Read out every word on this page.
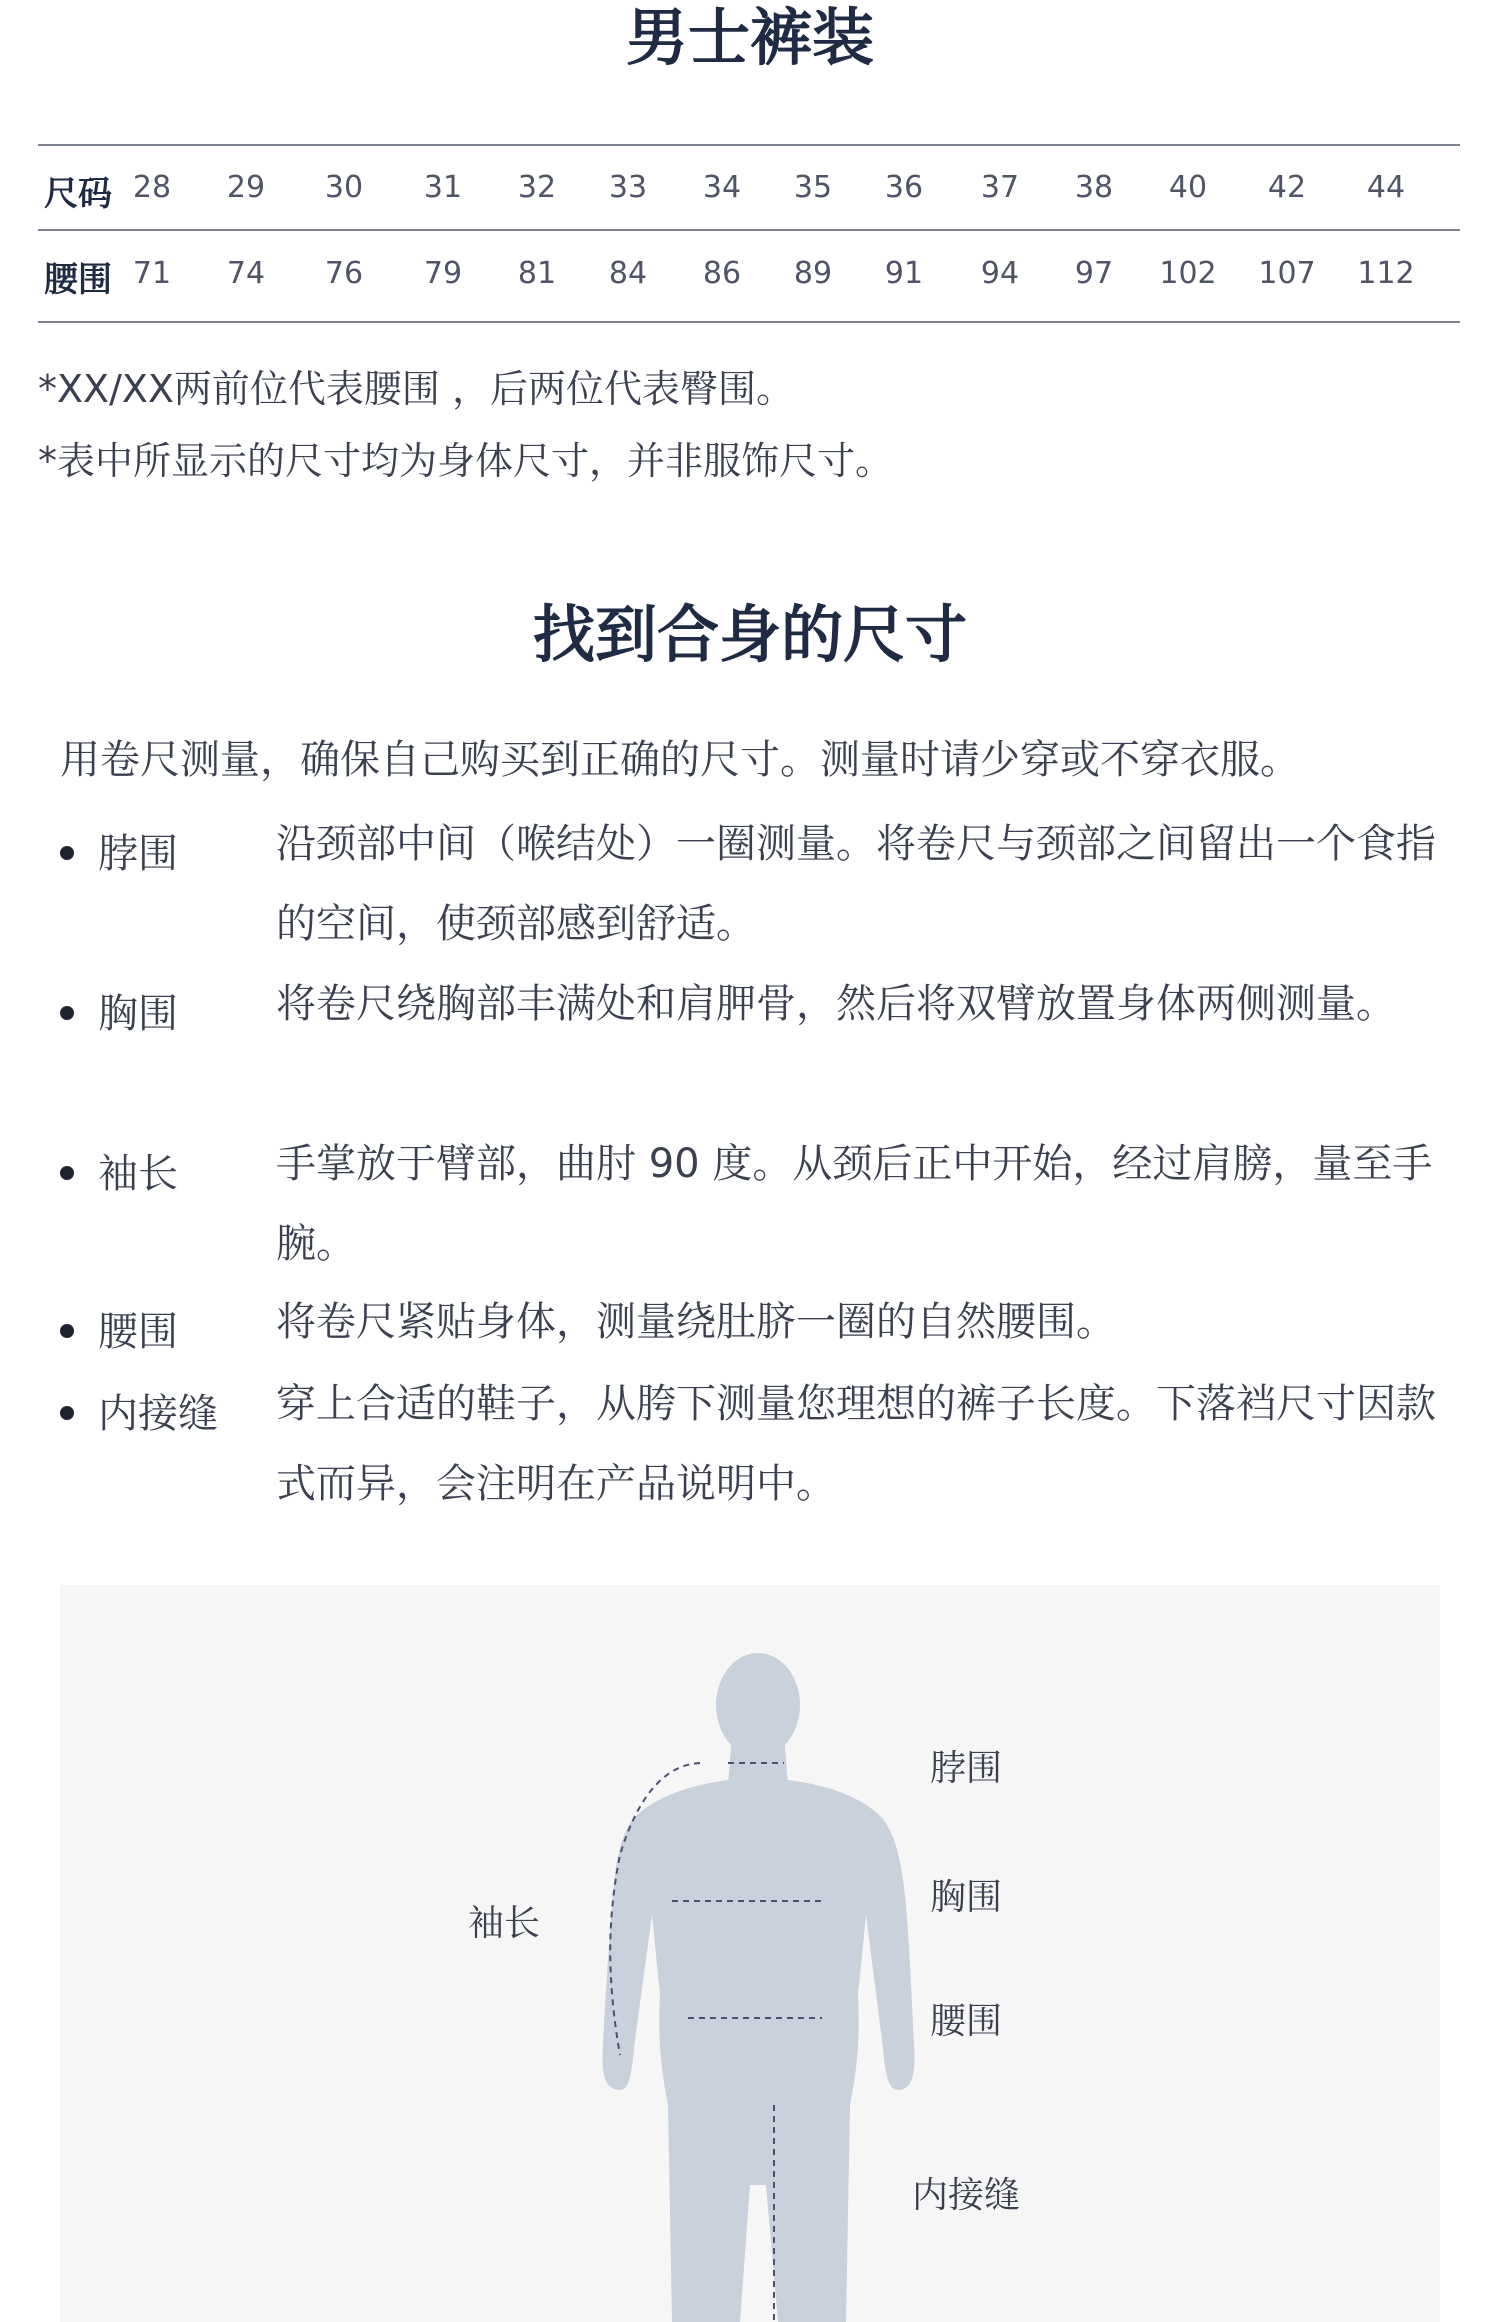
男士裤装
尺码 28	29	30	31	32	33	34	35	36	37	38	40	42	44
腰围 71	74	76	79	81	84	86	89	91	94	97	102	107	112
*XX/XX两前位代表腰围 ，后两位代表臀围。
*表中所显示的尺寸均为身体尺寸，并非服饰尺寸。
找到合身的尺寸
用卷尺测量，确保自己购买到正确的尺寸。测量时请少穿或不穿衣服。
脖围 沿颈部中间（喉结处）一圈测量。将卷尺与颈部之间留出一个食指的空间，使颈部感到舒适。
胸围 将卷尺绕胸部丰满处和肩胛骨，然后将双臂放置身体两侧测量。
袖长 手掌放于臂部，曲肘 90 度。从颈后正中开始，经过肩膀，量至手腕。
腰围 将卷尺紧贴身体，测量绕肚脐一圈的自然腰围。
内接缝 穿上合适的鞋子，从胯下测量您理想的裤子长度。下落裆尺寸因款式而异，会注明在产品说明中。
脖围
胸围
腰围
袖长
内接缝
